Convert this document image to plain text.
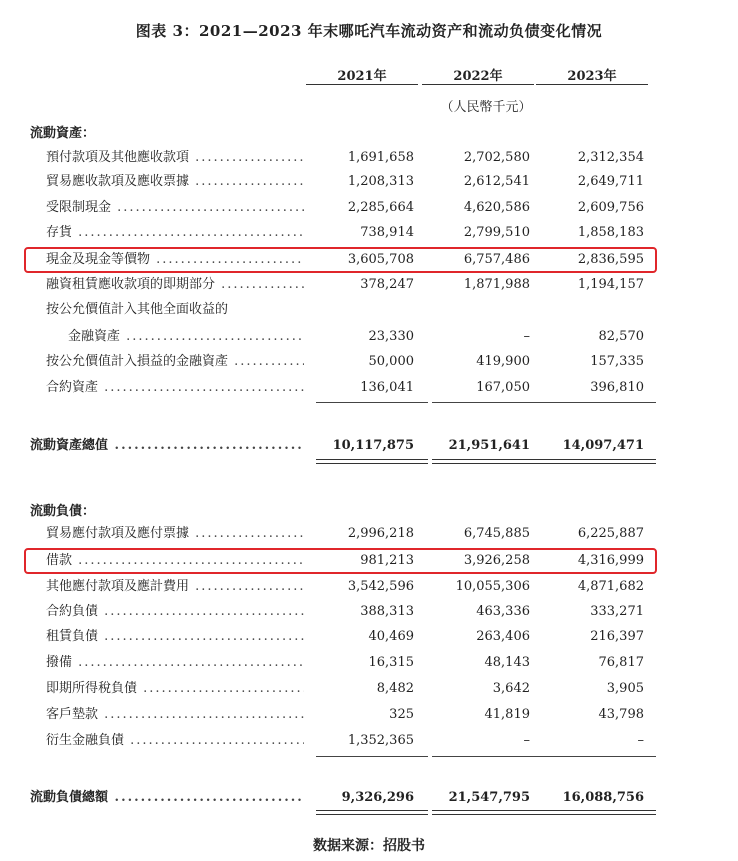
图表 3：2021—2023 年末哪吒汽车流动资产和流动负债变化情况
2021年	2022年	2023年
（人民幣千元）
流動資產：
預付款項及其他應收款項 .....	1,691,658	2,702,580	2,312,354
貿易應收款項及應收票據 .....	1,208,313	2,612,541	2,649,711
受限制現金 .....	2,285,664	4,620,586	2,609,756
存貨 .....	738,914	2,799,510	1,858,183
現金及現金等價物 .....	3,605,708	6,757,486	2,836,595
融資租賃應收款項的即期部分 .....	378,247	1,871,988	1,194,157
按公允價值計入其他全面收益的
金融資產 .....	23,330	–	82,570
按公允價值計入損益的金融資產 .....	50,000	419,900	157,335
合約資產 .....	136,041	167,050	396,810
流動資產總值 .....	10,117,875	21,951,641	14,097,471
流動負債：
貿易應付款項及應付票據 .....	2,996,218	6,745,885	6,225,887
借款 .....	981,213	3,926,258	4,316,999
其他應付款項及應計費用 .....	3,542,596	10,055,306	4,871,682
合約負債 .....	388,313	463,336	333,271
租賃負債 .....	40,469	263,406	216,397
撥備 .....	16,315	48,143	76,817
即期所得稅負債 .....	8,482	3,642	3,905
客戶墊款 .....	325	41,819	43,798
衍生金融負債 .....	1,352,365	–	–
流動負債總額 .....	9,326,296	21,547,795	16,088,756
数据来源：招股书
